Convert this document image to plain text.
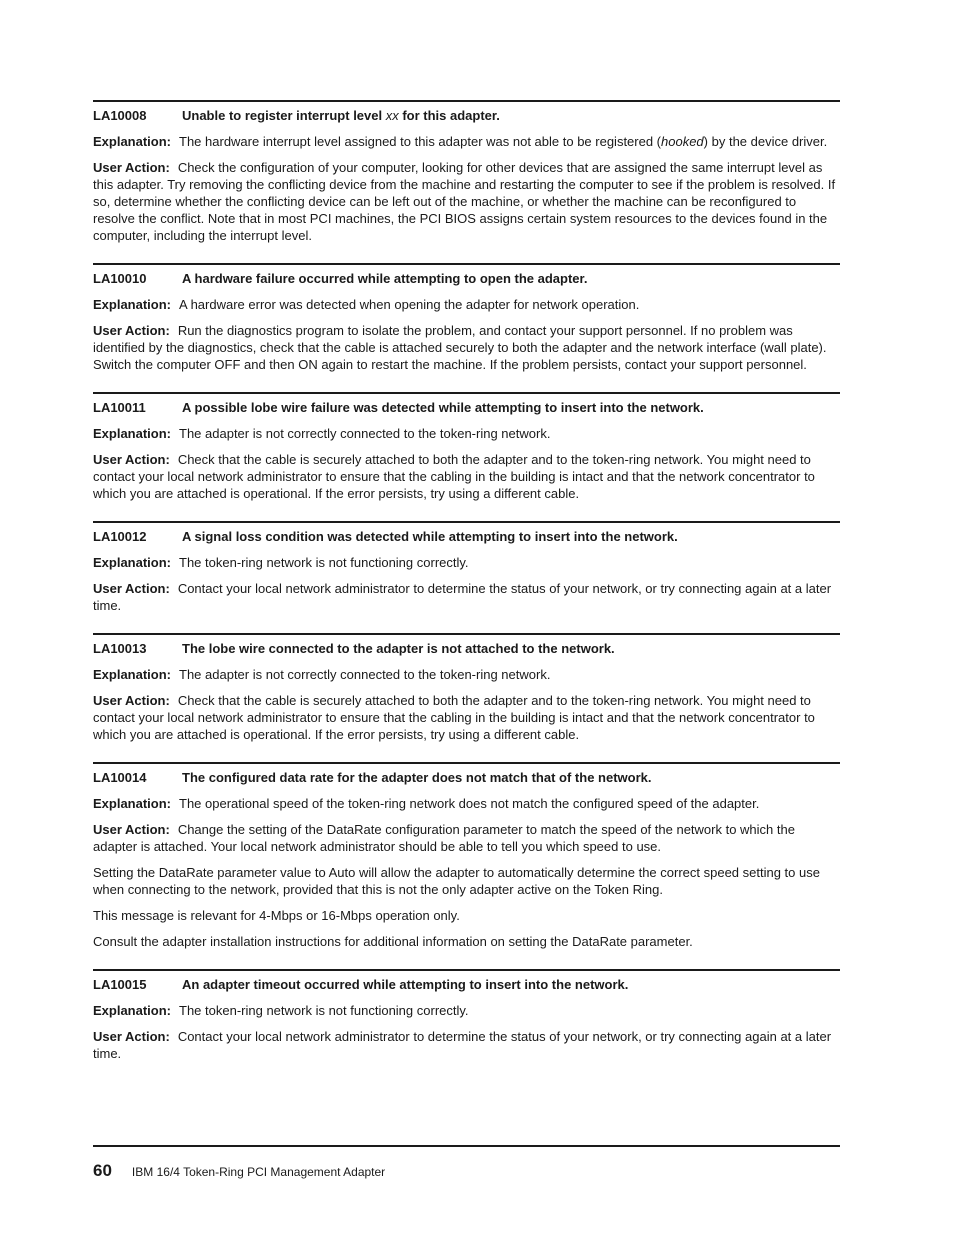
LA10008	Unable to register interrupt level xx for this adapter.

Explanation: The hardware interrupt level assigned to this adapter was not able to be registered (hooked) by the device driver.

User Action: Check the configuration of your computer, looking for other devices that are assigned the same interrupt level as this adapter. Try removing the conflicting device from the machine and restarting the computer to see if the problem is resolved. If so, determine whether the conflicting device can be left out of the machine, or whether the machine can be reconfigured to resolve the conflict. Note that in most PCI machines, the PCI BIOS assigns certain system resources to the devices found in the computer, including the interrupt level.

LA10010	A hardware failure occurred while attempting to open the adapter.

Explanation: A hardware error was detected when opening the adapter for network operation.

User Action: Run the diagnostics program to isolate the problem, and contact your support personnel. If no problem was identified by the diagnostics, check that the cable is attached securely to both the adapter and the network interface (wall plate). Switch the computer OFF and then ON again to restart the machine. If the problem persists, contact your support personnel.

LA10011	A possible lobe wire failure was detected while attempting to insert into the network.

Explanation: The adapter is not correctly connected to the token-ring network.

User Action: Check that the cable is securely attached to both the adapter and to the token-ring network. You might need to contact your local network administrator to ensure that the cabling in the building is intact and that the network concentrator to which you are attached is operational. If the error persists, try using a different cable.

LA10012	A signal loss condition was detected while attempting to insert into the network.

Explanation: The token-ring network is not functioning correctly.

User Action: Contact your local network administrator to determine the status of your network, or try connecting again at a later time.

LA10013	The lobe wire connected to the adapter is not attached to the network.

Explanation: The adapter is not correctly connected to the token-ring network.

User Action: Check that the cable is securely attached to both the adapter and to the token-ring network. You might need to contact your local network administrator to ensure that the cabling in the building is intact and that the network concentrator to which you are attached is operational. If the error persists, try using a different cable.

LA10014	The configured data rate for the adapter does not match that of the network.

Explanation: The operational speed of the token-ring network does not match the configured speed of the adapter.

User Action: Change the setting of the DataRate configuration parameter to match the speed of the network to which the adapter is attached. Your local network administrator should be able to tell you which speed to use.

Setting the DataRate parameter value to Auto will allow the adapter to automatically determine the correct speed setting to use when connecting to the network, provided that this is not the only adapter active on the Token Ring.

This message is relevant for 4-Mbps or 16-Mbps operation only.

Consult the adapter installation instructions for additional information on setting the DataRate parameter.

LA10015	An adapter timeout occurred while attempting to insert into the network.

Explanation: The token-ring network is not functioning correctly.

User Action: Contact your local network administrator to determine the status of your network, or try connecting again at a later time.

60 IBM 16/4 Token-Ring PCI Management Adapter
